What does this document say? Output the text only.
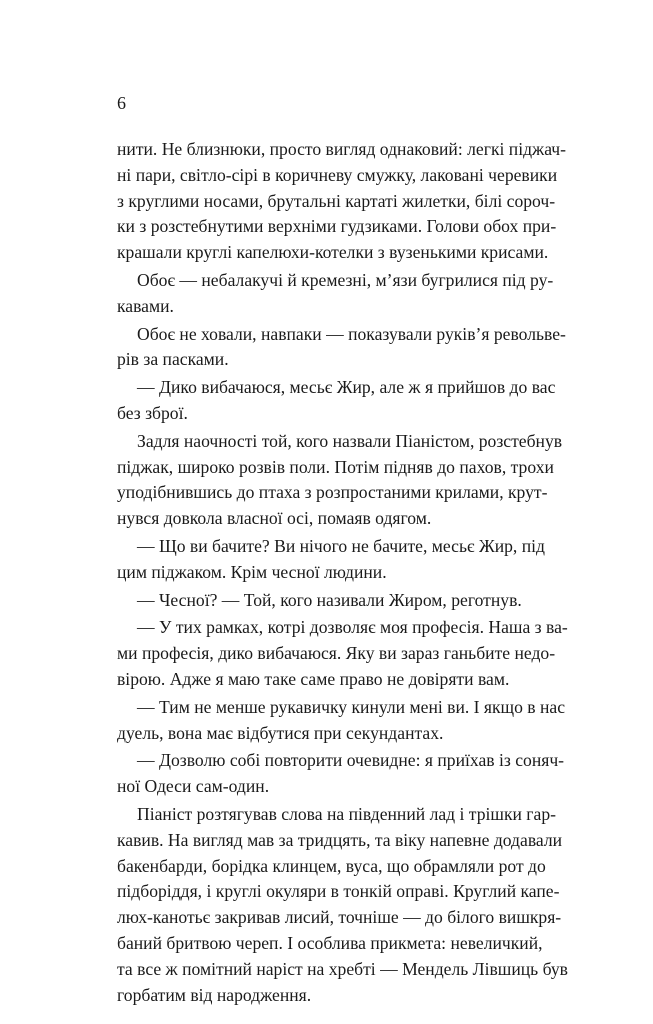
6
нити. Не близнюки, просто вигляд однаковий: легкі піджач-
ні пари, світло-сірі в коричневу смужку, лаковані черевики
з круглими носами, брутальні картаті жилетки, білі сороч-
ки з розстебнутими верхніми гудзиками. Голови обох при-
крашали круглі капелюхи-котелки з вузенькими крисами.
Обоє — небалакучі й кремезні, м’язи бугрилися під ру-
кавами.
Обоє не ховали, навпаки — показували руків’я револьве-
рів за пасками.
— Дико вибачаюся, месьє Жир, але ж я прийшов до вас
без зброї.
Задля наочності той, кого назвали Піаністом, розстебнув
піджак, широко розвів поли. Потім підняв до пахов, трохи
уподібнившись до птаха з розпростаними крилами, крут-
нувся довкола власної осі, помаяв одягом.
— Що ви бачите? Ви нічого не бачите, месьє Жир, під
цим піджаком. Крім чесної людини.
— Чесної? — Той, кого називали Жиром, реготнув.
— У тих рамках, котрі дозволяє моя професія. Наша з ва-
ми професія, дико вибачаюся. Яку ви зараз ганьбите недо-
вірою. Адже я маю таке саме право не довіряти вам.
— Тим не менше рукавичку кинули мені ви. І якщо в нас
дуель, вона має відбутися при секундантах.
— Дозволю собі повторити очевидне: я приїхав із соняч-
ної Одеси сам-один.
Піаніст розтягував слова на південний лад і трішки гар-
кавив. На вигляд мав за тридцять, та віку напевне додавали
бакенбарди, борідка клинцем, вуса, що обрамляли рот до
підборіддя, і круглі окуляри в тонкій оправі. Круглий капе-
люх-канотьє закривав лисий, точніше — до білого вишкря-
баний бритвою череп. І особлива прикмета: невеличкий,
та все ж помітний наріст на хребті — Мендель Лівшиць був
горбатим від народження.
